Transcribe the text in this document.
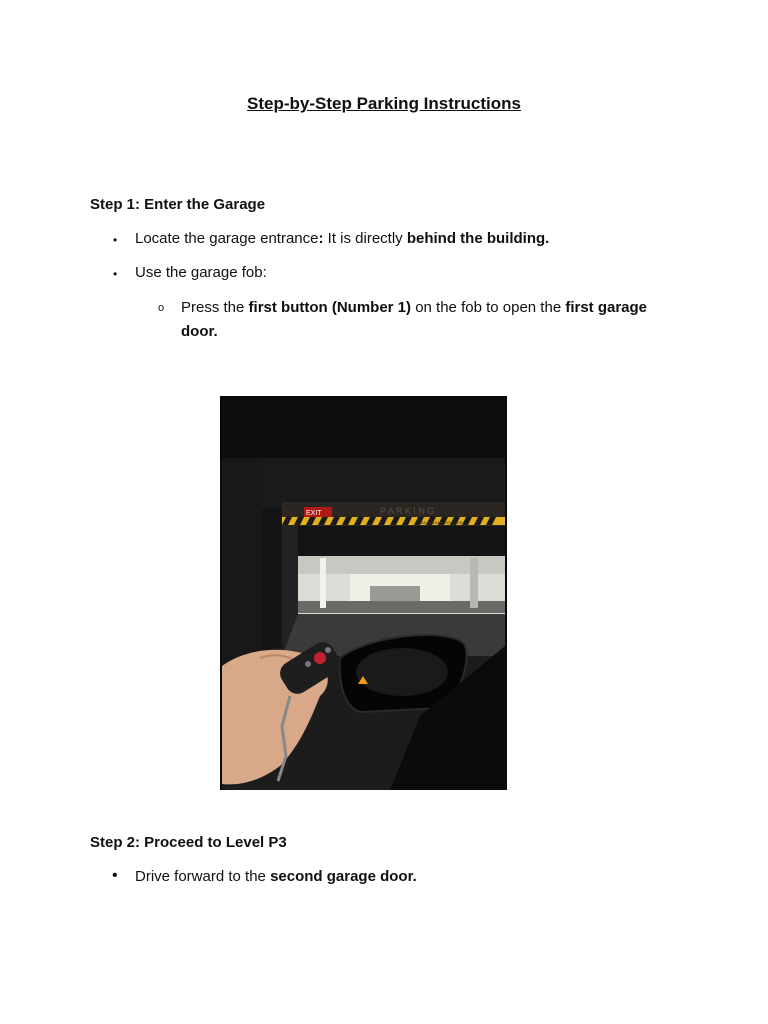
Step-by-Step Parking Instructions
Step 1: Enter the Garage
• Locate the garage entrance: It is directly behind the building.
• Use the garage fob:
o Press the first button (Number 1) on the fob to open the first garage door.
EXIT	P A R K I N G
MAXIMUM HEIGHT 6'8"
Step 2: Proceed to Level P3
• Drive forward to the second garage door.
